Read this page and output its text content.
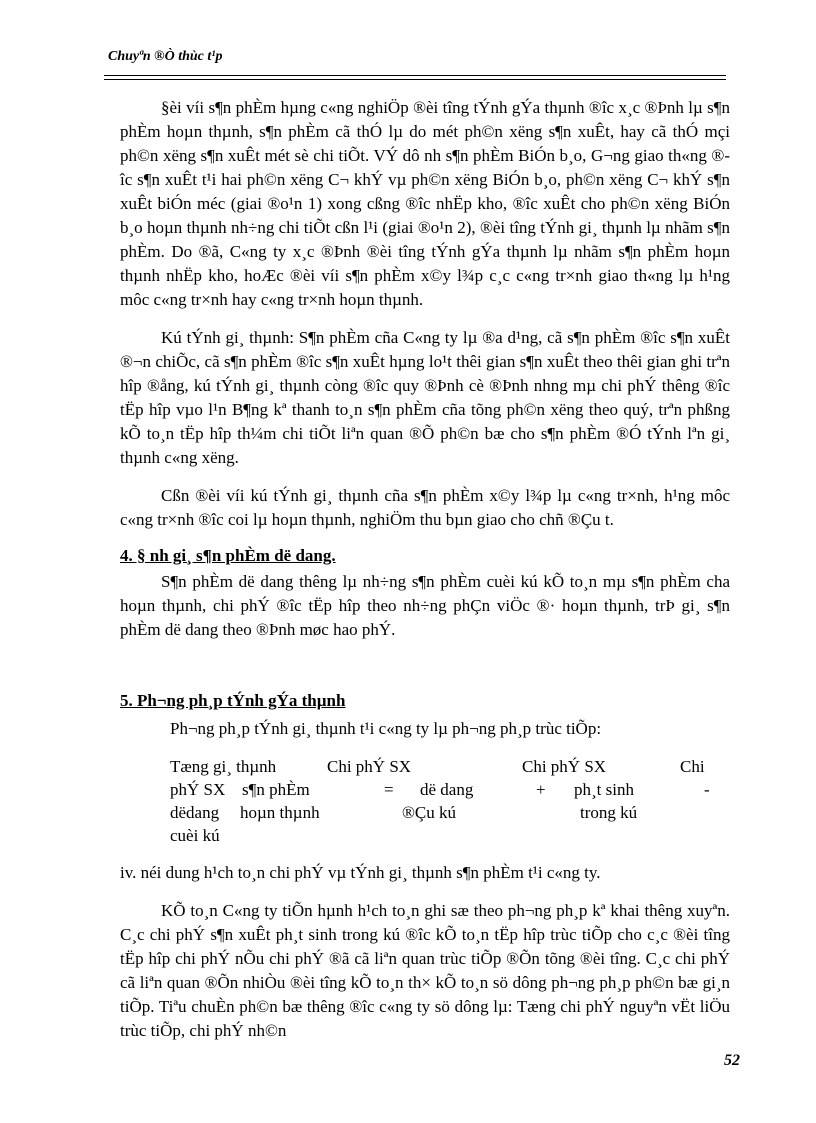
Chuyªn ®Ò thùc t¹p

§èi víi s¶n phÈm hµng c«ng nghiÖp ®èi tîng tÝnh gÝa thµnh ®îc x¸c ®Þnh lµ s¶n phÈm hoµn thµnh, s¶n phÈm cã thÓ lµ do mét ph©n xëng s¶n xuÊt, hay cã thÓ mçi ph©n xëng s¶n xuÊt mét sè chi tiÕt. VÝ dô nh s¶n phÈm BiÓn b¸o, G¬ng giao th«ng ®îc s¶n xuÊt t¹i hai ph©n xëng C¬ khÝ vµ ph©n xëng BiÓn b¸o, ph©n xëng C¬ khÝ s¶n xuÊt biÓn méc (giai ®o¹n 1) xong cßng ®îc nhËp kho, ®îc xuÊt cho ph©n xëng BiÓn b¸o hoµn thµnh nh÷ng chi tiÕt cßn l¹i (giai ®o¹n 2), ®èi tîng tÝnh gi¸ thµnh lµ nhãm s¶n phÈm. Do ®ã, C«ng ty x¸c ®Þnh ®èi tîng tÝnh gÝa thµnh lµ nhãm s¶n phÈm hoµn thµnh nhËp kho, hoÆc ®èi víi s¶n phÈm x©y l¾p c¸c c«ng tr×nh giao th«ng lµ h¹ng môc c«ng tr×nh hay c«ng tr×nh hoµn thµnh.

Kú tÝnh gi¸ thµnh: S¶n phÈm cña C«ng ty lµ ®a d¹ng, cã s¶n phÈm ®îc s¶n xuÊt ®¬n chiÕc, cã s¶n phÈm ®îc s¶n xuÊt hµng lo¹t thêi gian s¶n xuÊt theo thêi gian ghi trªn hîp ®ång, kú tÝnh gi¸ thµnh còng ®îc quy ®Þnh cè ®Þnh nhng mµ chi phÝ thêng ®îc tËp hîp vµo l¹n B¶ng kª thanh to¸n s¶n phÈm cña tõng ph©n xëng theo quý, trªn phßng kÕ to¸n tËp hîp th¼m chi tiÕt liªn quan ®Õ ph©n bæ cho s¶n phÈm ®Ó tÝnh lªn gi¸ thµnh c«ng xëng.

Cßn ®èi víi kú tÝnh gi¸ thµnh cña s¶n phÈm x©y l¾p lµ c«ng tr×nh, h¹ng môc c«ng tr×nh ®îc coi lµ hoµn thµnh, nghiÖm thu bµn giao cho chñ ®Çu t.

4. § nh gi¸ s¶n phÈm dë dang.

S¶n phÈm dë dang thêng lµ nh÷ng s¶n phÈm cuèi kú kÕ to¸n mµ s¶n phÈm cha hoµn thµnh, chi phÝ ®îc tËp hîp theo nh÷ng phÇn viÖc ®· hoµn thµnh, trÞ gi¸ s¶n phÈm dë dang theo ®Þnh møc hao phÝ.

5. Ph¬ng ph¸p tÝnh gÝa thµnh

Ph¬ng ph¸p tÝnh gi¸ thµnh t¹i c«ng ty lµ ph¬ng ph¸p trùc tiÕp:

Tæng gi¸ thµnh	Chi phÝ SX	Chi phÝ SX	Chi
phÝ SX s¶n phÈm	= dë dang	+ ph¸t sinh	-
dëdang hoµn thµnh	®Çu kú	trong kú
cuèi kú

iv. néi dung h¹ch to¸n chi phÝ vµ tÝnh gi¸ thµnh s¶n phÈm t¹i c«ng ty.

KÕ to¸n C«ng ty tiÕn hµnh h¹ch to¸n ghi sæ theo ph¬ng ph¸p kª khai thêng xuyªn. C¸c chi phÝ s¶n xuÊt ph¸t sinh trong kú ®îc kÕ to¸n tËp hîp trùc tiÕp cho c¸c ®èi tîng tËp hîp chi phÝ nÕu chi phÝ ®ã cã liªn quan trùc tiÕp ®Õn tõng ®èi tîng. C¸c chi phÝ cã liªn quan ®Õn nhiÒu ®èi tîng kÕ to¸n th× kÕ to¸n sö dông ph¬ng ph¸p ph©n bæ gi¸n tiÕp. Tiªu chuÈn ph©n bæ thêng ®îc c«ng ty sö dông lµ: Tæng chi phÝ nguyªn vËt liÖu trùc tiÕp, chi phÝ nh©n

52
